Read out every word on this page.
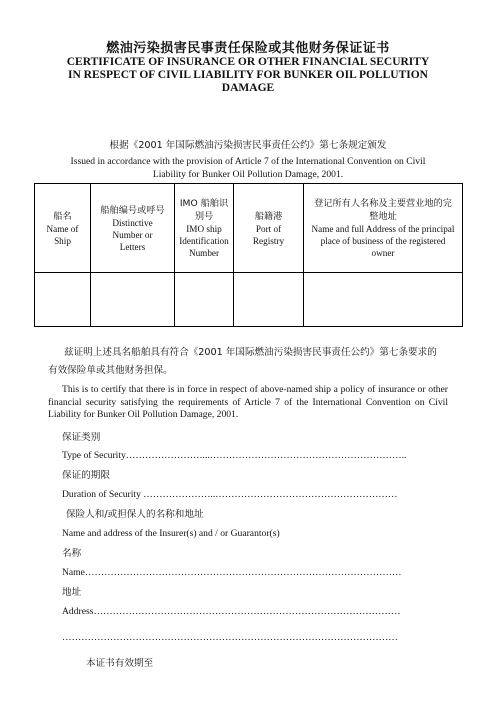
燃油污染损害民事责任保险或其他财务保证证书
CERTIFICATE OF INSURANCE OR OTHER FINANCIAL SECURITY
IN RESPECT OF CIVIL LIABILITY FOR BUNKER OIL POLLUTION
DAMAGE
根据《2001 年国际燃油污染损害民事责任公约》第七条规定颁发
Issued in accordance with the provision of Article 7 of the International Convention on Civil
Liability for Bunker Oil Pollution Damage, 2001.
船名
Name of
Ship	船舶编号或呼号
Distinctive
Number or
Letters	IMO 船舶识
别号
IMO ship
Identification
Number	船籍港
Port of
Registry	登记所有人名称及主要营业地的完
整地址
Name and full Address of the principal
place of business of the registered
owner

兹证明上述具名船舶具有符合《2001 年国际燃油污染损害民事责任公约》第七条要求的
有效保险单或其他财务担保。

This is to certify that there is in force in respect of above-named ship a policy of insurance or other financial security satisfying the requirements of Article 7 of the International Convention on Civil Liability for Bunker Oil Pollution Damage, 2001.

保证类别
Type of Security……………………...……………………………………………………..
保证的期限
Duration of Security …………………..…………………………………………………
保险人和/或担保人的名称和地址
Name and address of the Insurer(s) and / or Guarantor(s)
名称
Name………………………………………………………………………………………
地址
Address……………………………………………………………………………………
……………………………………………………………………………………………
本证书有效期至
